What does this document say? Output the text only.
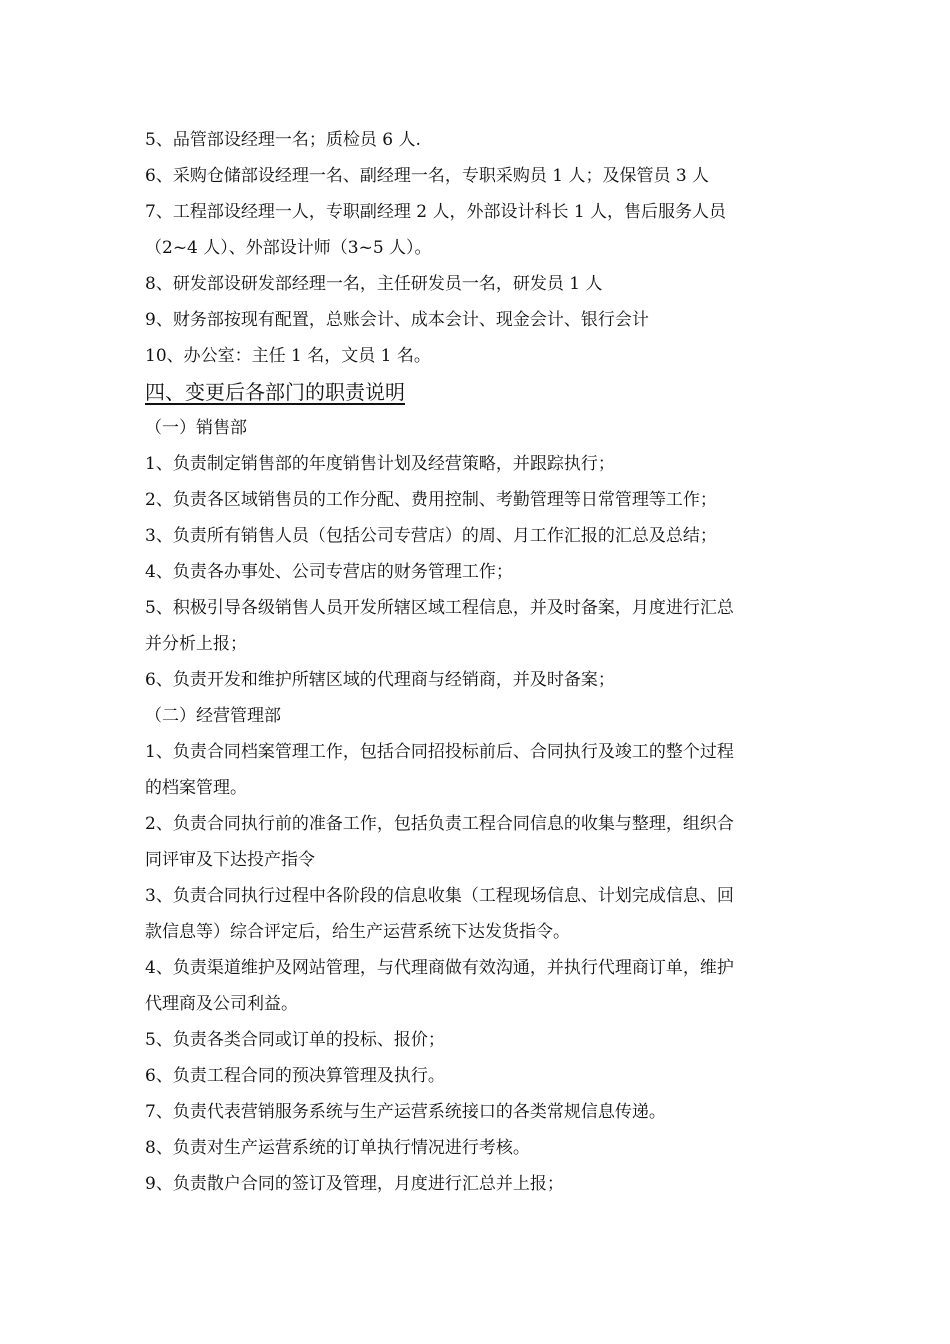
5、品管部设经理一名；质检员 6 人.

6、采购仓储部设经理一名、副经理一名，专职采购员 1 人；及保管员 3 人

7、工程部设经理一人，专职副经理 2 人，外部设计科长 1 人，售后服务人员

（2~4 人）、外部设计师（3~5 人）。

8、研发部设研发部经理一名，主任研发员一名，研发员 1 人

9、财务部按现有配置，总账会计、成本会计、现金会计、银行会计

10、办公室：主任 1 名，文员 1 名。

四、变更后各部门的职责说明

（一）销售部

1、负责制定销售部的年度销售计划及经营策略，并跟踪执行；

2、负责各区域销售员的工作分配、费用控制、考勤管理等日常管理等工作；

3、负责所有销售人员（包括公司专营店）的周、月工作汇报的汇总及总结；

4、负责各办事处、公司专营店的财务管理工作；

5、积极引导各级销售人员开发所辖区域工程信息，并及时备案，月度进行汇总

并分析上报；

6、负责开发和维护所辖区域的代理商与经销商，并及时备案；

（二）经营管理部

1、负责合同档案管理工作，包括合同招投标前后、合同执行及竣工的整个过程

的档案管理。

2、负责合同执行前的准备工作，包括负责工程合同信息的收集与整理，组织合

同评审及下达投产指令

3、负责合同执行过程中各阶段的信息收集（工程现场信息、计划完成信息、回

款信息等）综合评定后，给生产运营系统下达发货指令。

4、负责渠道维护及网站管理，与代理商做有效沟通，并执行代理商订单，维护

代理商及公司利益。

5、负责各类合同或订单的投标、报价；

6、负责工程合同的预决算管理及执行。

7、负责代表营销服务系统与生产运营系统接口的各类常规信息传递。

8、负责对生产运营系统的订单执行情况进行考核。

9、负责散户合同的签订及管理，月度进行汇总并上报；
